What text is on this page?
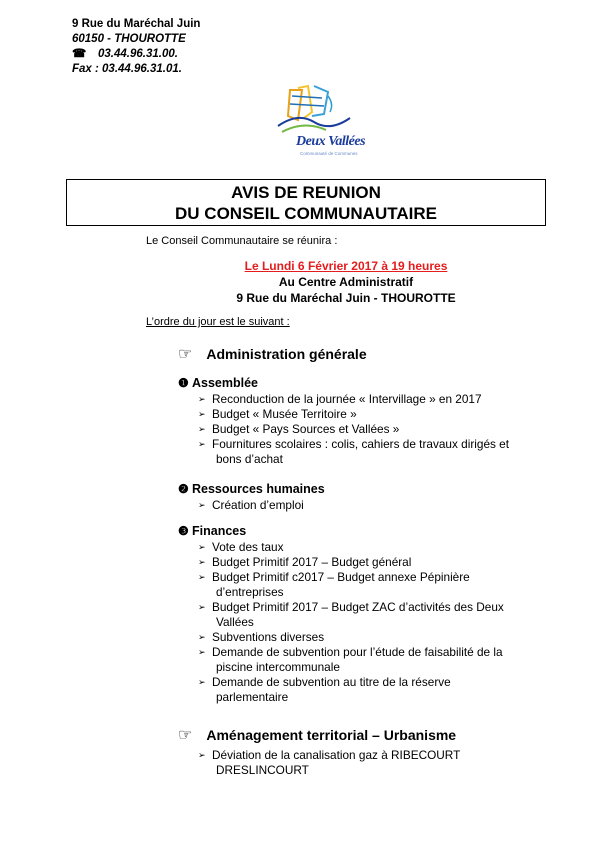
9 Rue du Maréchal Juin
60150 - THOUROTTE
☎ 03.44.96.31.00.
Fax : 03.44.96.31.01.
Deux Vallées
Communauté de Communes
AVIS DE REUNION
DU CONSEIL COMMUNAUTAIRE
Le Conseil Communautaire se réunira :
Le Lundi 6 Février 2017 à 19 heures
Au Centre Administratif
9 Rue du Maréchal Juin - THOUROTTE
L’ordre du jour est le suivant :
☞ Administration générale
❶ Assemblée
➢ Reconduction de la journée « Intervillage » en 2017
➢ Budget « Musée Territoire »
➢ Budget « Pays Sources et Vallées »
➢ Fournitures scolaires : colis, cahiers de travaux dirigés et
bons d’achat
❷ Ressources humaines
➢ Création d’emploi
❸ Finances
➢ Vote des taux
➢ Budget Primitif 2017 – Budget général
➢ Budget Primitif c2017 – Budget annexe Pépinière
d’entreprises
➢ Budget Primitif 2017 – Budget ZAC d’activités des Deux
Vallées
➢ Subventions diverses
➢ Demande de subvention pour l’étude de faisabilité de la
piscine intercommunale
➢ Demande de subvention au titre de la réserve
parlementaire
☞ Aménagement territorial – Urbanisme
➢ Déviation de la canalisation gaz à RIBECOURT
DRESLINCOURT
